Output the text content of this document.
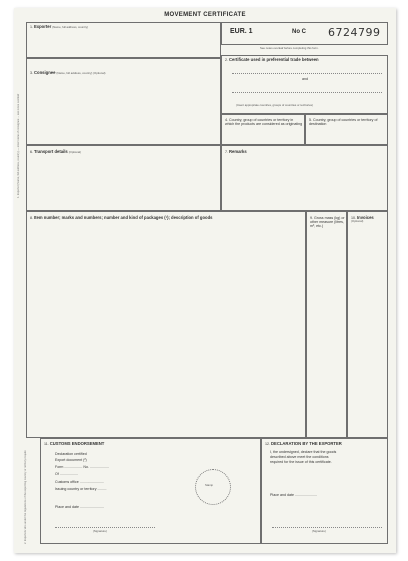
MOVEMENT CERTIFICATE
1. Exporter (Name, full address, country)
EUR. 1	No C 6724799
See notes overleaf before completing this form.
2. Certificate used in preferential trade between
and
(Insert appropriate countries, groups of countries or territories)
3. Consignee (Name, full address, country) (Optional)
4. Country, group of countries or territory in which the products are considered as originating
5. Country, group of countries or territory of destination
6. Transport details (Optional)	7. Remarks
8. Item number; marks and numbers; number and kind of packages (¹); description of goods	9. Gross mass (kg) or other measure (litres, m³, etc.)
10. Invoices
(Optional)
11. CUSTOMS ENDORSEMENT
Declaration certified
Export document (²)
Form .................. No. ...................
Of ..................
Customs office ........................
Issuing country or territory .........
Place and date ........................
(Signature)
Stamp
12. DECLARATION BY THE EXPORTER
I, the undersigned, declare that the goods
described above meet the conditions
required for the issue of this certificate.
Place and date ......................
(Signature)
1. Exporter (Name, full address, country) — enter name of consignee ... see notes overleaf
2. Exporters who under the regulations of the exporting country or territory require
